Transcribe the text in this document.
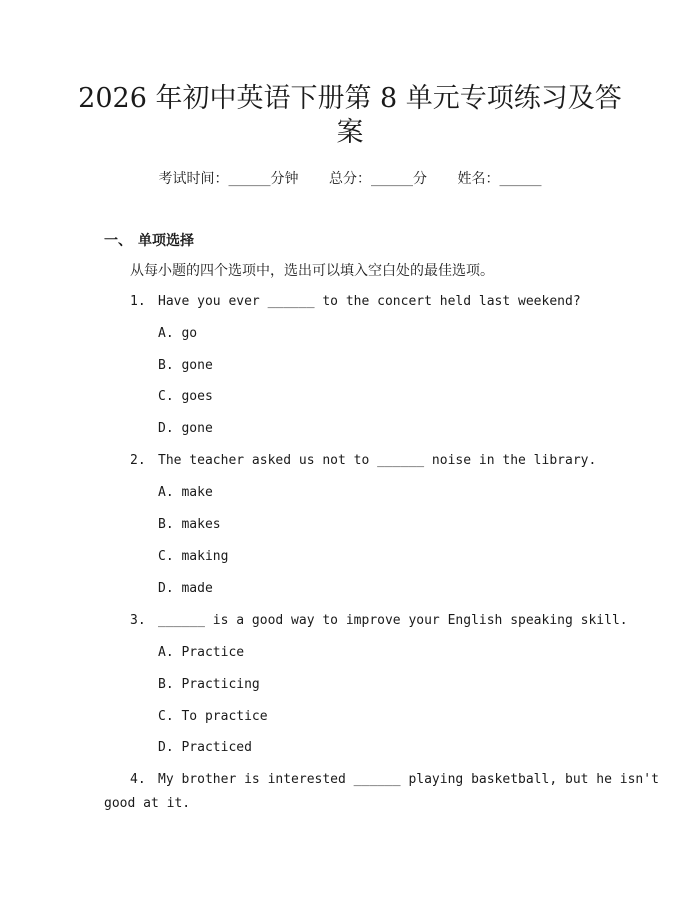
2026 年初中英语下册第 8 单元专项练习及答
案
考试时间：______分钟 总分：______分 姓名：______
一、 单项选择
从每小题的四个选项中，选出可以填入空白处的最佳选项。
1. Have you ever ______ to the concert held last weekend?
A. go
B. gone
C. goes
D. gone
2. The teacher asked us not to ______ noise in the library.
A. make
B. makes
C. making
D. made
3. ______ is a good way to improve your English speaking skill.
A. Practice
B. Practicing
C. To practice
D. Practiced
4. My brother is interested ______ playing basketball, but he isn't
good at it.
